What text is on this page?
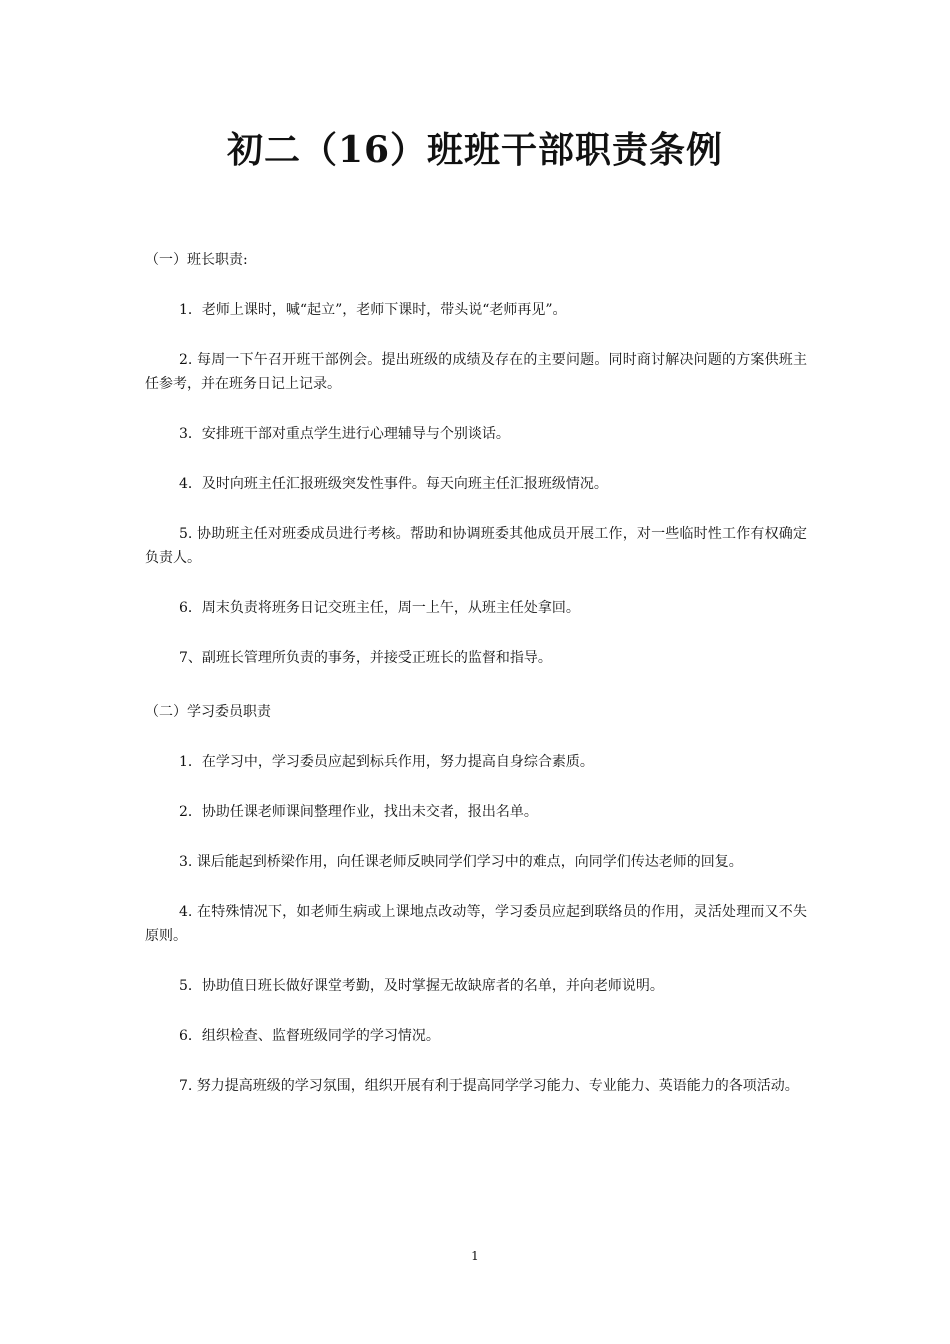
初二（16）班班干部职责条例

（一）班长职责:

1．老师上课时，喊“起立”，老师下课时，带头说“老师再见”。

2. 每周一下午召开班干部例会。提出班级的成绩及存在的主要问题。同时商讨解决问题的方案供班主任参考，并在班务日记上记录。

3．安排班干部对重点学生进行心理辅导与个别谈话。

4．及时向班主任汇报班级突发性事件。每天向班主任汇报班级情况。

5. 协助班主任对班委成员进行考核。帮助和协调班委其他成员开展工作，对一些临时性工作有权确定负责人。

6．周末负责将班务日记交班主任，周一上午，从班主任处拿回。

7、副班长管理所负责的事务，并接受正班长的监督和指导。

（二）学习委员职责

1．在学习中，学习委员应起到标兵作用，努力提高自身综合素质。

2．协助任课老师课间整理作业，找出未交者，报出名单。

3. 课后能起到桥梁作用，向任课老师反映同学们学习中的难点，向同学们传达老师的回复。

4. 在特殊情况下，如老师生病或上课地点改动等，学习委员应起到联络员的作用，灵活处理而又不失原则。

5．协助值日班长做好课堂考勤，及时掌握无故缺席者的名单，并向老师说明。

6．组织检查、监督班级同学的学习情况。

7. 努力提高班级的学习氛围，组织开展有利于提高同学学习能力、专业能力、英语能力的各项活动。

1
